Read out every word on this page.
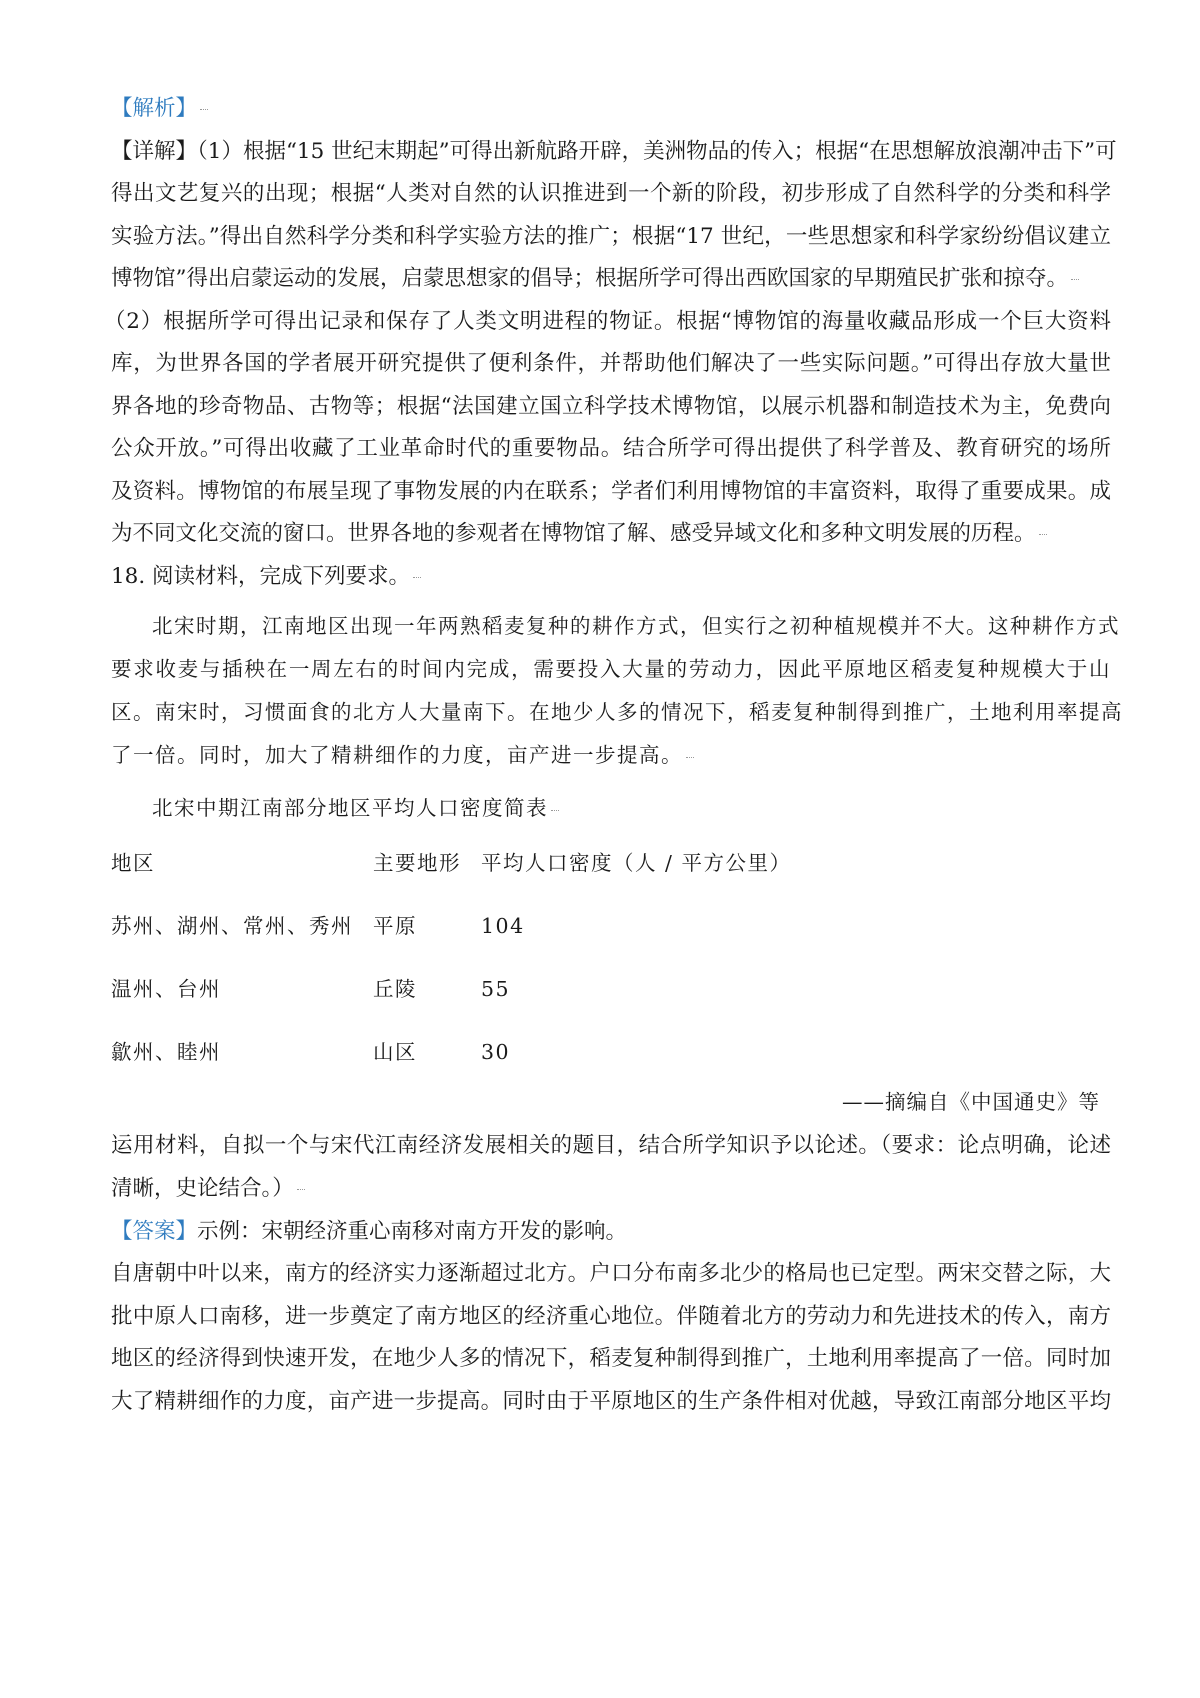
【解析】
【详解】（1）根据“15 世纪末期起”可得出新航路开辟，美洲物品的传入；根据“在思想解放浪潮冲击下”可
得出文艺复兴的出现；根据“人类对自然的认识推进到一个新的阶段，初步形成了自然科学的分类和科学
实验方法。”得出自然科学分类和科学实验方法的推广；根据“17 世纪，一些思想家和科学家纷纷倡议建立
博物馆”得出启蒙运动的发展，启蒙思想家的倡导；根据所学可得出西欧国家的早期殖民扩张和掠夺。
（2）根据所学可得出记录和保存了人类文明进程的物证。根据“博物馆的海量收藏品形成一个巨大资料
库，为世界各国的学者展开研究提供了便利条件，并帮助他们解决了一些实际问题。”可得出存放大量世
界各地的珍奇物品、古物等；根据“法国建立国立科学技术博物馆，以展示机器和制造技术为主，免费向
公众开放。”可得出收藏了工业革命时代的重要物品。结合所学可得出提供了科学普及、教育研究的场所
及资料。博物馆的布展呈现了事物发展的内在联系；学者们利用博物馆的丰富资料，取得了重要成果。成
为不同文化交流的窗口。世界各地的参观者在博物馆了解、感受异域文化和多种文明发展的历程。
18. 阅读材料，完成下列要求。
北宋时期，江南地区出现一年两熟稻麦复种的耕作方式，但实行之初种植规模并不大。这种耕作方式
要求收麦与插秧在一周左右的时间内完成，需要投入大量的劳动力，因此平原地区稻麦复种规模大于山
区。南宋时，习惯面食的北方人大量南下。在地少人多的情况下，稻麦复种制得到推广，土地利用率提高
了一倍。同时，加大了精耕细作的力度，亩产进一步提高。
北宋中期江南部分地区平均人口密度简表
地区	主要地形 平均人口密度（人 / 平方公里）
苏州、湖州、常州、秀州 平原	104
温州、台州	丘陵	55
歙州、睦州	山区	30
——摘编自《中国通史》等
运用材料，自拟一个与宋代江南经济发展相关的题目，结合所学知识予以论述。（要求：论点明确，论述
清晰，史论结合。）
【答案】示例：宋朝经济重心南移对南方开发的影响。
自唐朝中叶以来，南方的经济实力逐渐超过北方。户口分布南多北少的格局也已定型。两宋交替之际，大
批中原人口南移，进一步奠定了南方地区的经济重心地位。伴随着北方的劳动力和先进技术的传入，南方
地区的经济得到快速开发，在地少人多的情况下，稻麦复种制得到推广，土地利用率提高了一倍。同时加
大了精耕细作的力度，亩产进一步提高。同时由于平原地区的生产条件相对优越，导致江南部分地区平均
